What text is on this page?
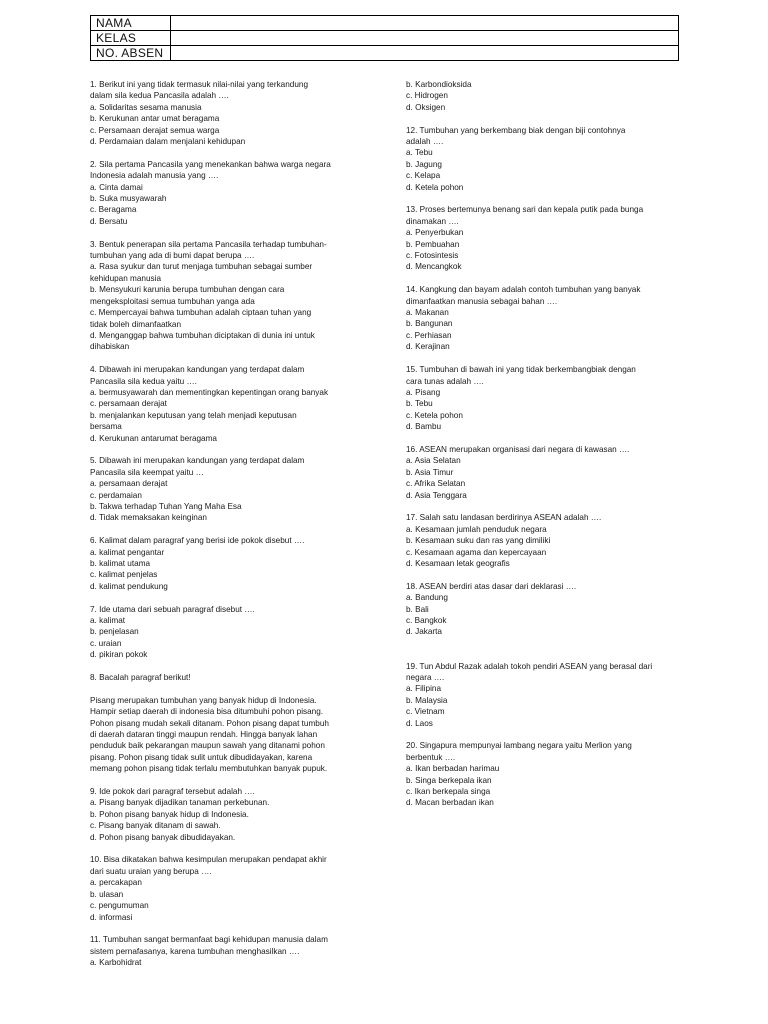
NAMA	
KELAS	
NO. ABSEN	
1. Berikut ini yang tidak termasuk nilai-nilai yang terkandung
dalam sila kedua Pancasila adalah ….
a. Solidaritas sesama manusia
b. Kerukunan antar umat beragama
c. Persamaan derajat semua warga
d. Perdamaian dalam menjalani kehidupan
2. Sila pertama Pancasila yang menekankan bahwa warga negara
Indonesia adalah manusia yang ….
a. Cinta damai
b. Suka musyawarah
c. Beragama
d. Bersatu
3. Bentuk penerapan sila pertama Pancasila terhadap tumbuhan-
tumbuhan yang ada di bumi dapat berupa ….
a. Rasa syukur dan turut menjaga tumbuhan sebagai sumber
kehidupan manusia
b. Mensyukuri karunia berupa tumbuhan dengan cara
mengeksploitasi semua tumbuhan yanga ada
c. Mempercayai bahwa tumbuhan adalah ciptaan tuhan yang
tidak boleh dimanfaatkan
d. Menganggap bahwa tumbuhan diciptakan di dunia ini untuk
dihabiskan
4. Dibawah ini merupakan kandungan yang terdapat dalam
Pancasila sila kedua yaitu ….
a. bermusyawarah dan mementingkan kepentingan orang banyak
c. persamaan derajat
b. menjalankan keputusan yang telah menjadi keputusan
bersama
d. Kerukunan antarumat beragama
5. Dibawah ini merupakan kandungan yang terdapat dalam
Pancasila sila keempat yaitu …
a. persamaan derajat
c. perdamaian
b. Takwa terhadap Tuhan Yang Maha Esa
d. Tidak memaksakan keinginan
6. Kalimat dalam paragraf yang berisi ide pokok disebut ….
a. kalimat pengantar
b. kalimat utama
c. kalimat penjelas
d. kalimat pendukung
7. Ide utama dari sebuah paragraf disebut ….
a. kalimat
b. penjelasan
c. uraian
d. pikiran pokok
8. Bacalah paragraf berikut!
Pisang merupakan tumbuhan yang banyak hidup di Indonesia.
Hampir setiap daerah di indonesia bisa ditumbuhi pohon pisang.
Pohon pisang mudah sekali ditanam. Pohon pisang dapat tumbuh
di daerah dataran tinggi maupun rendah. Hingga banyak lahan
penduduk baik pekarangan maupun sawah yang ditanami pohon
pisang. Pohon pisang tidak sulit untuk dibudidayakan, karena
memang pohon pisang tidak terlalu membutuhkan banyak pupuk.
9. Ide pokok dari paragraf tersebut adalah ….
a. Pisang banyak dijadikan tanaman perkebunan.
b. Pohon pisang banyak hidup di Indonesia.
c. Pisang banyak ditanam di sawah.
d. Pohon pisang banyak dibudidayakan.
10. Bisa dikatakan bahwa kesimpulan merupakan pendapat akhir
dari suatu uraian yang berupa ….
a. percakapan
b. ulasan
c. pengumuman
d. informasi
11. Tumbuhan sangat bermanfaat bagi kehidupan manusia dalam
sistem pernafasanya, karena tumbuhan menghasilkan ….
a. Karbohidrat
b. Karbondioksida
c. Hidrogen
d. Oksigen
12. Tumbuhan yang berkembang biak dengan biji contohnya
adalah ….
a. Tebu
b. Jagung
c. Kelapa
d. Ketela pohon
13. Proses bertemunya benang sari dan kepala putik pada bunga
dinamakan ….
a. Penyerbukan
b. Pembuahan
c. Fotosintesis
d. Mencangkok
14. Kangkung dan bayam adalah contoh tumbuhan yang banyak
dimanfaatkan manusia sebagai bahan ….
a. Makanan
b. Bangunan
c. Perhiasan
d. Kerajinan
15. Tumbuhan di bawah ini yang tidak berkembangbiak dengan
cara tunas adalah ….
a. Pisang
b. Tebu
c. Ketela pohon
d. Bambu
16. ASEAN merupakan organisasi dari negara di kawasan ….
a. Asia Selatan
b. Asia Timur
c. Afrika Selatan
d. Asia Tenggara
17. Salah satu landasan berdirinya ASEAN adalah ….
a. Kesamaan jumlah penduduk negara
b. Kesamaan suku dan ras yang dimiliki
c. Kesamaan agama dan kepercayaan
d. Kesamaan letak geografis
18. ASEAN berdiri atas dasar dari deklarasi ….
a. Bandung
b. Bali
c. Bangkok
d. Jakarta
19. Tun Abdul Razak adalah tokoh pendiri ASEAN yang berasal dari
negara ….
a. Filipina
b. Malaysia
c. Vietnam
d. Laos
20. Singapura mempunyai lambang negara yaitu Merlion yang
berbentuk ….
a. Ikan berbadan harimau
b. Singa berkepala ikan
c. Ikan berkepala singa
d. Macan berbadan ikan
